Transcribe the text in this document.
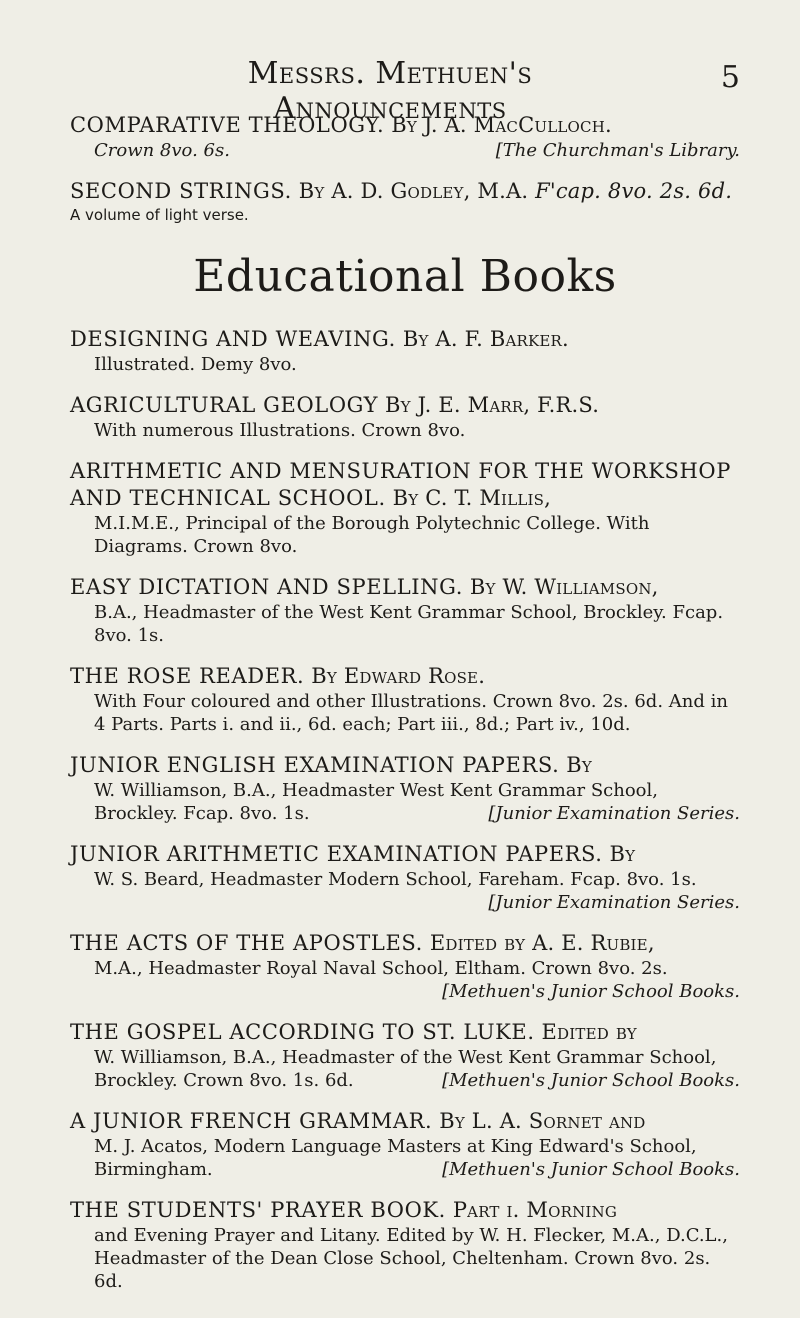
Messrs. Methuen's Announcements
5
COMPARATIVE THEOLOGY. By J. A. MacCulloch.
Crown 8vo. 6s.	[The Churchman's Library.
SECOND STRINGS. By A. D. Godley, M.A. F'cap. 8vo. 2s. 6d.
A volume of light verse.
Educational Books
DESIGNING AND WEAVING. By A. F. Barker.
Illustrated. Demy 8vo.
AGRICULTURAL GEOLOGY By J. E. Marr, F.R.S.
With numerous Illustrations. Crown 8vo.
ARITHMETIC AND MENSURATION FOR THE WORKSHOP AND TECHNICAL SCHOOL. By C. T. Millis,
M.I.M.E., Principal of the Borough Polytechnic College. With Diagrams. Crown 8vo.
EASY DICTATION AND SPELLING. By W. Williamson,
B.A., Headmaster of the West Kent Grammar School, Brockley. Fcap. 8vo. 1s.
THE ROSE READER. By Edward Rose.
With Four coloured and other Illustrations. Crown 8vo. 2s. 6d. And in 4 Parts. Parts i. and ii., 6d. each; Part iii., 8d.; Part iv., 10d.
JUNIOR ENGLISH EXAMINATION PAPERS. By
W. Williamson, B.A., Headmaster West Kent Grammar School, Brockley. Fcap. 8vo. 1s.	[Junior Examination Series.
JUNIOR ARITHMETIC EXAMINATION PAPERS. By
W. S. Beard, Headmaster Modern School, Fareham. Fcap. 8vo. 1s.
[Junior Examination Series.
THE ACTS OF THE APOSTLES. Edited by A. E. Rubie,
M.A., Headmaster Royal Naval School, Eltham. Crown 8vo. 2s.
[Methuen's Junior School Books.
THE GOSPEL ACCORDING TO ST. LUKE. Edited by
W. Williamson, B.A., Headmaster of the West Kent Grammar School, Brockley. Crown 8vo. 1s. 6d.	[Methuen's Junior School Books.
A JUNIOR FRENCH GRAMMAR. By L. A. Sornet and
M. J. Acatos, Modern Language Masters at King Edward's School, Birmingham.	[Methuen's Junior School Books.
THE STUDENTS' PRAYER BOOK. Part i. Morning
and Evening Prayer and Litany. Edited by W. H. Flecker, M.A., D.C.L., Headmaster of the Dean Close School, Cheltenham. Crown 8vo. 2s. 6d.
